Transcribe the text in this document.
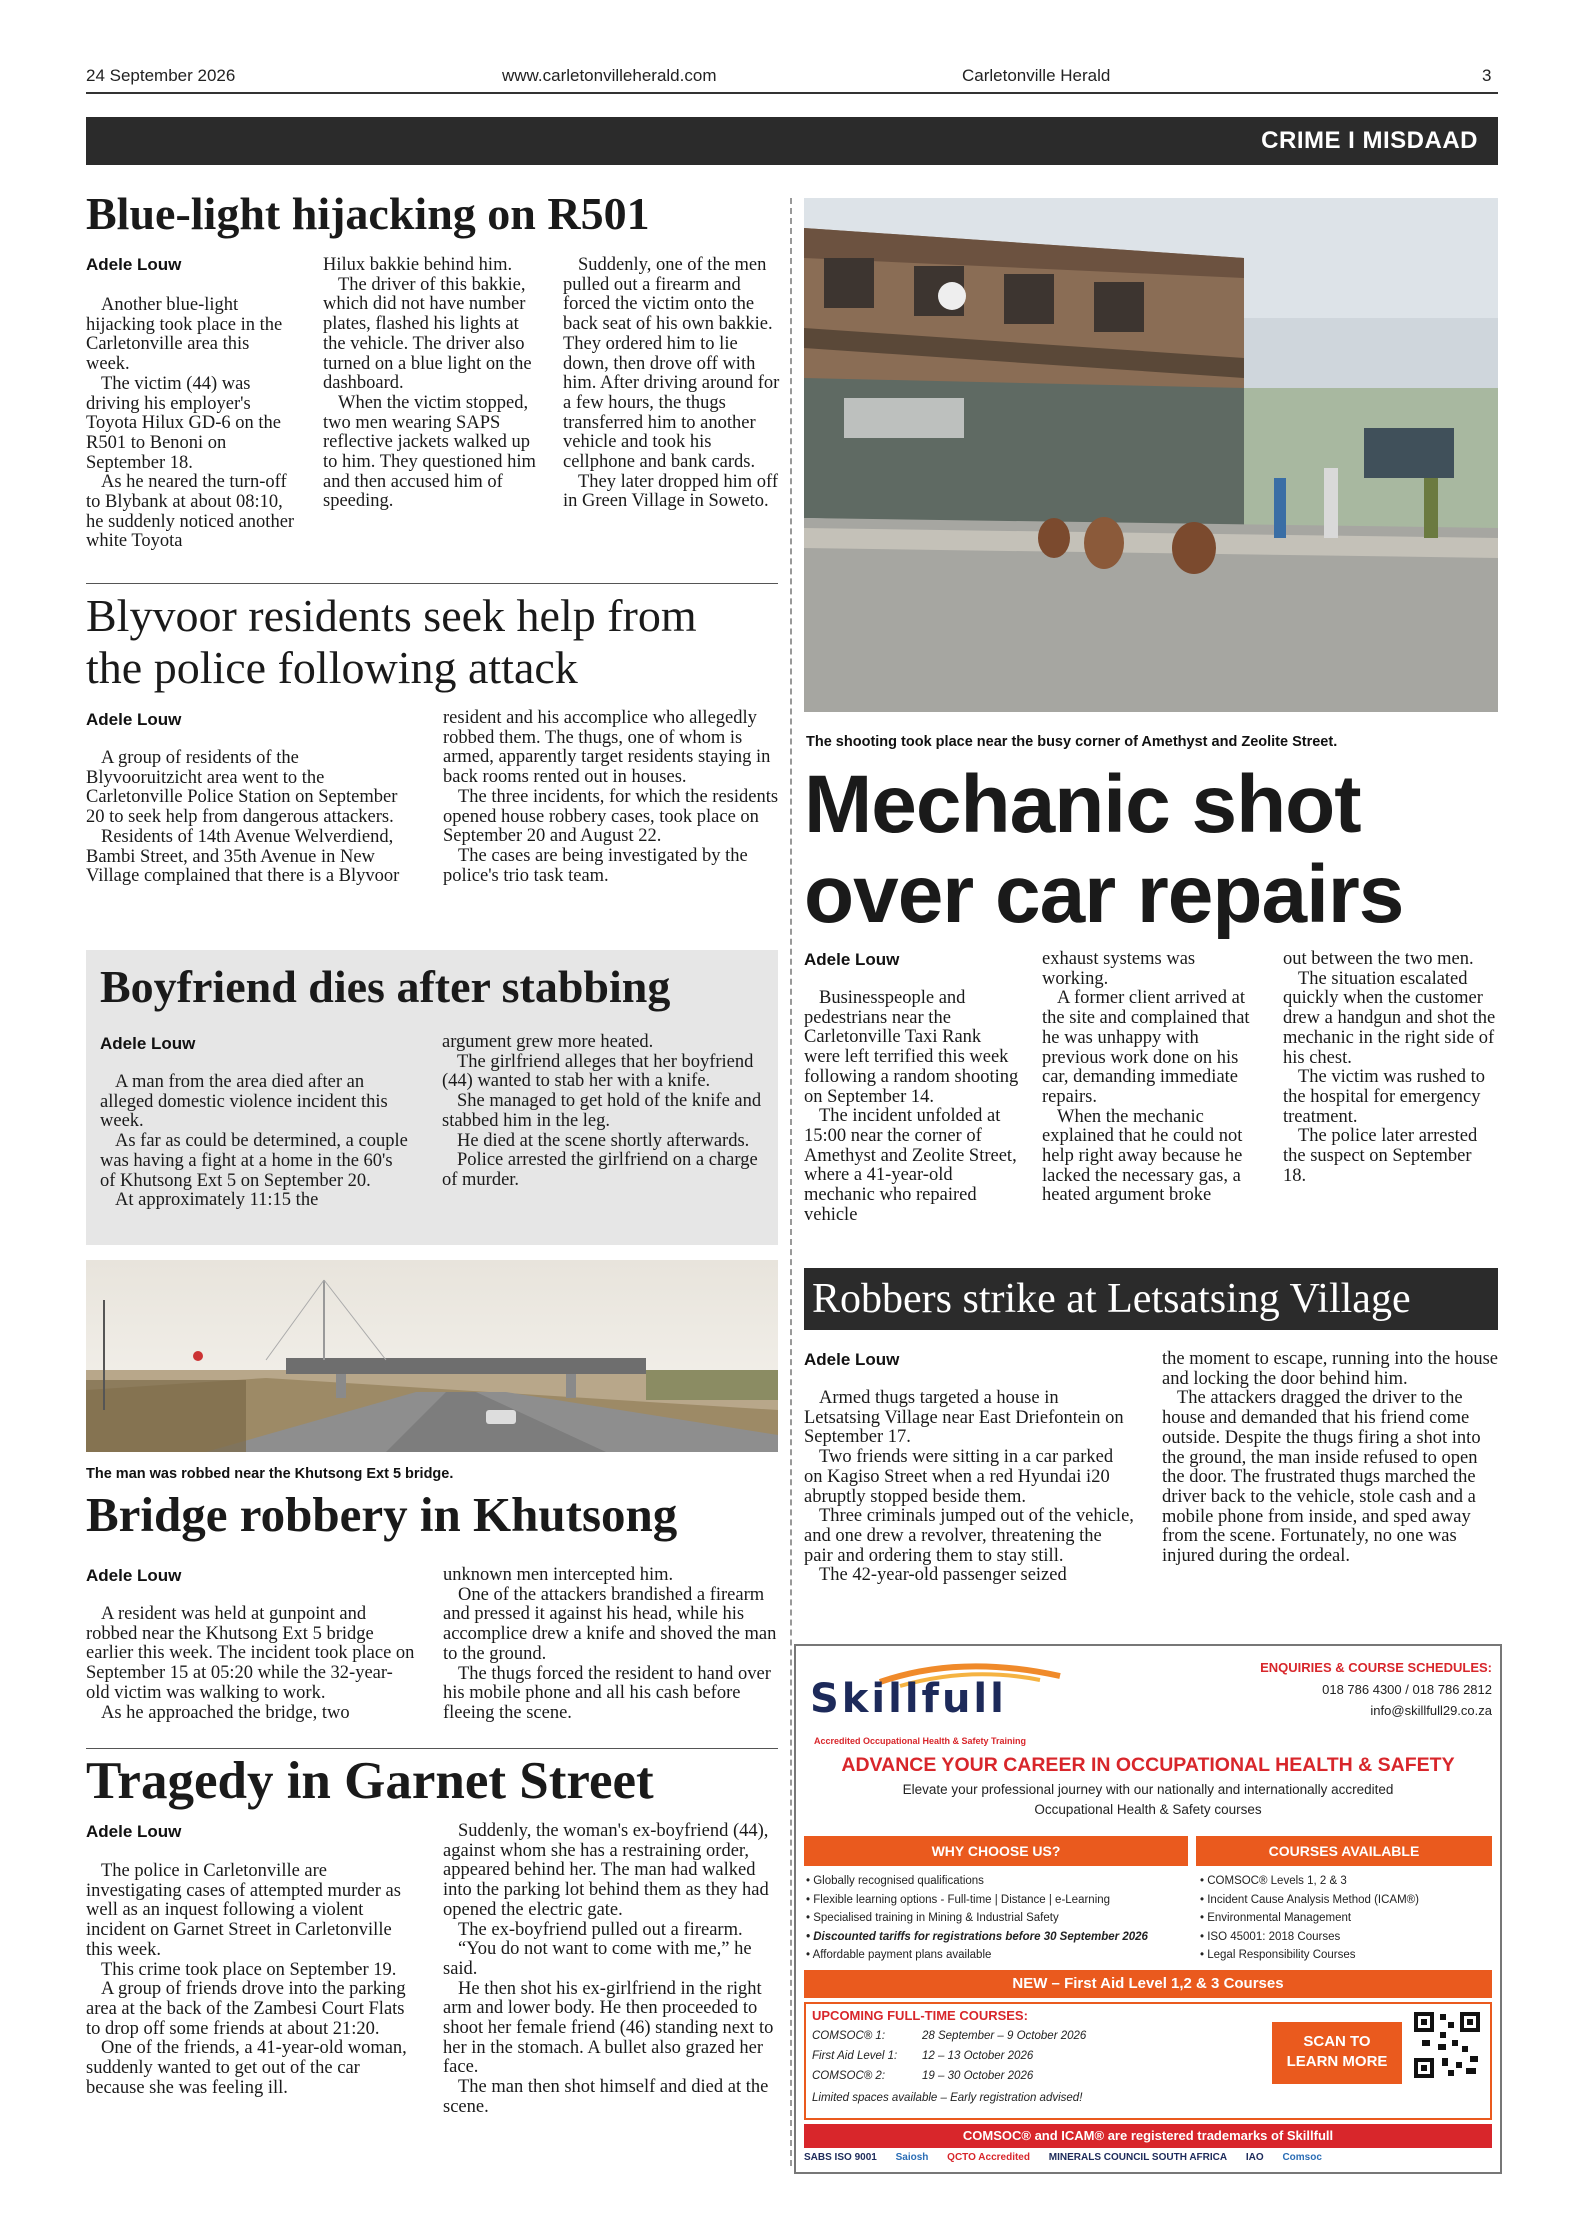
24 September 2026	www.carletonvilleherald.com	Carletonville Herald	3
CRIME I MISDAAD
Blue-light hijacking on R501
Adele Louw

Another blue-light hijacking took place in the Carletonville area this week.

The victim (44) was driving his employer's Toyota Hilux GD-6 on the R501 to Benoni on September 18.

As he neared the turn-off to Blybank at about 08:10, he suddenly noticed another white Toyota

Hilux bakkie behind him.

The driver of this bakkie, which did not have number plates, flashed his lights at the vehicle. The driver also turned on a blue light on the dashboard.

When the victim stopped, two men wearing SAPS reflective jackets walked up to him. They questioned him and then accused him of speeding.

Suddenly, one of the men pulled out a firearm and forced the victim onto the back seat of his own bakkie. They ordered him to lie down, then drove off with him. After driving around for a few hours, the thugs transferred him to another vehicle and took his cellphone and bank cards.

They later dropped him off in Green Village in Soweto.

Blyvoor residents seek help from
the police following attack
Adele Louw

A group of residents of the Blyvooruitzicht area went to the Carletonville Police Station on September 20 to seek help from dangerous attackers.

Residents of 14th Avenue Welverdiend, Bambi Street, and 35th Avenue in New Village complained that there is a Blyvoor

resident and his accomplice who allegedly robbed them. The thugs, one of whom is armed, apparently target residents staying in back rooms rented out in houses.

The three incidents, for which the residents opened house robbery cases, took place on September 20 and August 22.

The cases are being investigated by the police's trio task team.

Boyfriend dies after stabbing
Adele Louw

A man from the area died after an alleged domestic violence incident this week.

As far as could be determined, a couple was having a fight at a home in the 60's of Khutsong Ext 5 on September 20.

At approximately 11:15 the

argument grew more heated.

The girlfriend alleges that her boyfriend (44) wanted to stab her with a knife.

She managed to get hold of the knife and stabbed him in the leg.

He died at the scene shortly afterwards.

Police arrested the girlfriend on a charge of murder.

The man was robbed near the Khutsong Ext 5 bridge.
Bridge robbery in Khutsong
Adele Louw

A resident was held at gunpoint and robbed near the Khutsong Ext 5 bridge earlier this week. The incident took place on September 15 at 05:20 while the 32-year-old victim was walking to work.

As he approached the bridge, two

unknown men intercepted him.

One of the attackers brandished a firearm and pressed it against his head, while his accomplice drew a knife and shoved the man to the ground.

The thugs forced the resident to hand over his mobile phone and all his cash before fleeing the scene.

Tragedy in Garnet Street
Adele Louw

The police in Carletonville are investigating cases of attempted murder as well as an inquest following a violent incident on Garnet Street in Carletonville this week.

This crime took place on September 19.

A group of friends drove into the parking area at the back of the Zambesi Court Flats to drop off some friends at about 21:20.

One of the friends, a 41-year-old woman, suddenly wanted to get out of the car because she was feeling ill.

Suddenly, the woman's ex-boyfriend (44), against whom she has a restraining order, appeared behind her. The man had walked into the parking lot behind them as they had opened the electric gate.

The ex-boyfriend pulled out a firearm.

“You do not want to come with me,” he said.

He then shot his ex-girlfriend in the right arm and lower body. He then proceeded to shoot her female friend (46) standing next to her in the stomach. A bullet also grazed her face.

The man then shot himself and died at the scene.

The shooting took place near the busy corner of Amethyst and Zeolite Street.
Mechanic shot
over car repairs
Adele Louw

Businesspeople and pedestrians near the Carletonville Taxi Rank were left terrified this week following a random shooting on September 14.

The incident unfolded at 15:00 near the corner of Amethyst and Zeolite Street, where a 41-year-old mechanic who repaired vehicle

exhaust systems was working.

A former client arrived at the site and complained that he was unhappy with previous work done on his car, demanding immediate repairs.

When the mechanic explained that he could not help right away because he lacked the necessary gas, a heated argument broke

out between the two men.

The situation escalated quickly when the customer drew a handgun and shot the mechanic in the right side of his chest.

The victim was rushed to the hospital for emergency treatment.

The police later arrested the suspect on September 18.

Robbers strike at Letsatsing Village
Adele Louw

Armed thugs targeted a house in Letsatsing Village near East Driefontein on September 17.

Two friends were sitting in a car parked on Kagiso Street when a red Hyundai i20 abruptly stopped beside them.

Three criminals jumped out of the vehicle, and one drew a revolver, threatening the pair and ordering them to stay still.

The 42-year-old passenger seized

the moment to escape, running into the house and locking the door behind him.

The attackers dragged the driver to the house and demanded that his friend come outside. Despite the thugs firing a shot into the ground, the man inside refused to open the door. The frustrated thugs marched the driver back to the vehicle, stole cash and a mobile phone from inside, and sped away from the scene. Fortunately, no one was injured during the ordeal.

Skillfull
Accredited Occupational Health & Safety Training
ENQUIRIES & COURSE SCHEDULES:
018 786 4300 / 018 786 2812
info@skillfull29.co.za
ADVANCE YOUR CAREER IN OCCUPATIONAL HEALTH & SAFETY
Elevate your professional journey with our nationally and internationally accredited
Occupational Health & Safety courses
WHY CHOOSE US?	COURSES AVAILABLE
• Globally recognised qualifications
• Flexible learning options - Full-time | Distance | e-Learning
• Specialised training in Mining & Industrial Safety
• Discounted tariffs for registrations before 30 September 2026
• Affordable payment plans available
• COMSOC® Levels 1, 2 & 3
• Incident Cause Analysis Method (ICAM®)
• Environmental Management
• ISO 45001: 2018 Courses
• Legal Responsibility Courses
NEW – First Aid Level 1,2 & 3 Courses
UPCOMING FULL-TIME COURSES:
COMSOC® 1:	28 September – 9 October 2026
First Aid Level 1: 12 – 13 October 2026
COMSOC® 2:	19 – 30 October 2026
Limited spaces available – Early registration advised!
SCAN TO
LEARN MORE
COMSOC® and ICAM® are registered trademarks of Skillfull
SABS ISO 9001 Saiosh QCTO Accredited MINERALS COUNCIL SOUTH AFRICA IAO Comsoc
